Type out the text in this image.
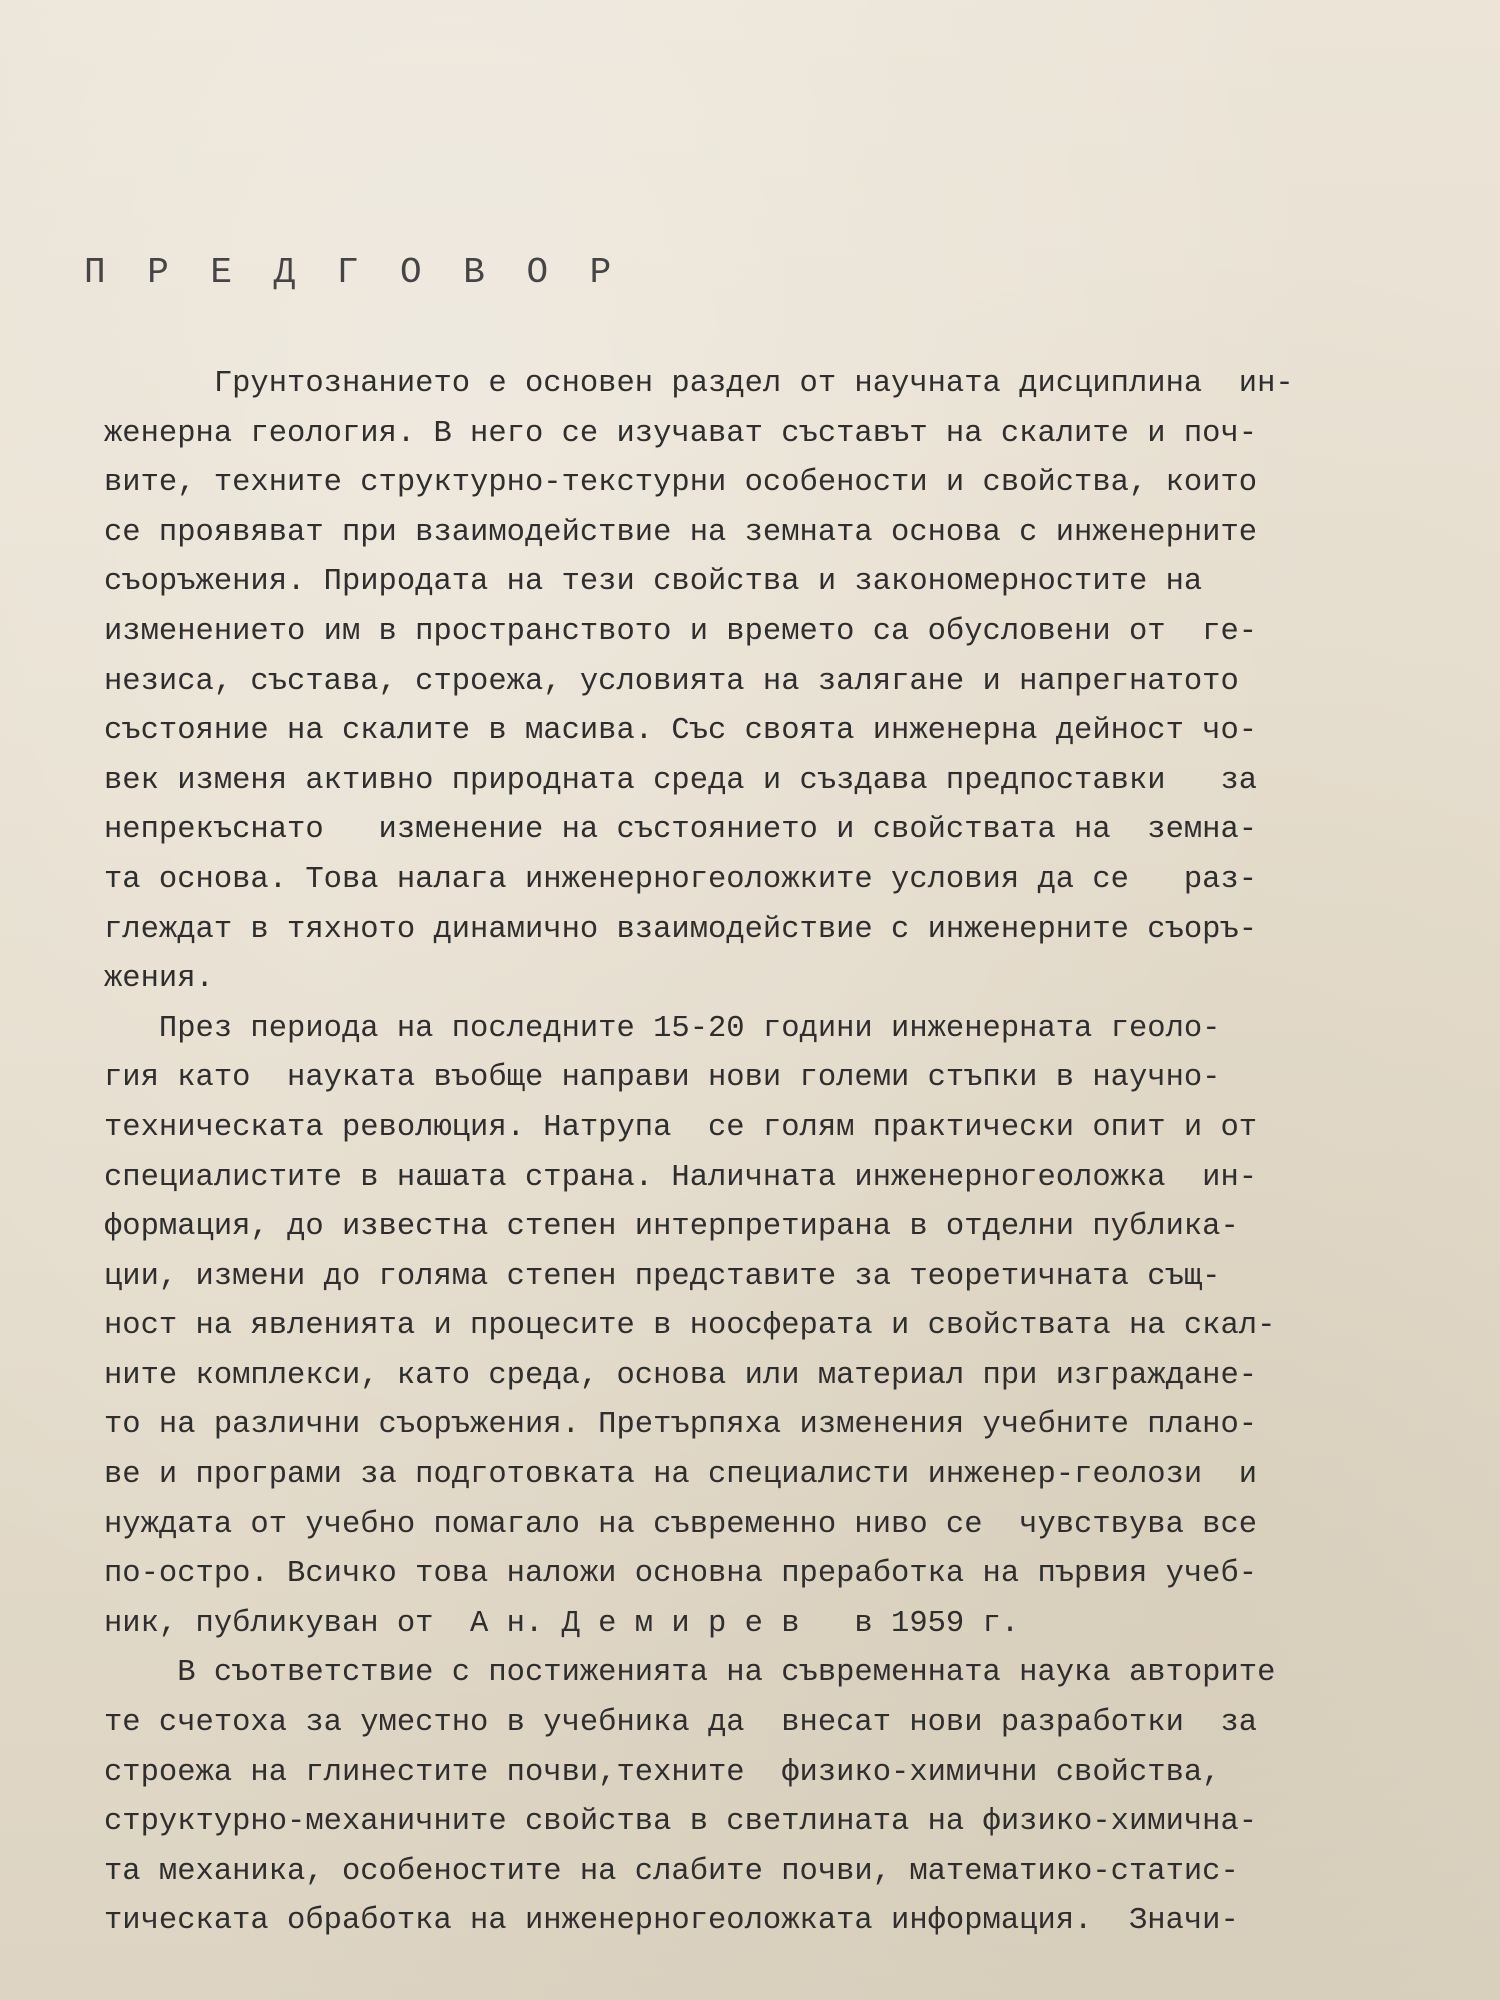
П Р Е Д Г О В О Р
Грунтознанието е основен раздел от научната дисциплина  ин-
женерна геология. В него се изучават съставът на скалите и поч-
вите, техните структурно-текстурни особености и свойства, които
се проявяват при взаимодействие на земната основа с инженерните
съоръжения. Природата на тези свойства и закономерностите на
изменението им в пространството и времето са обусловени от  ге-
незиса, състава, строежа, условията на залягане и напрегнатото
състояние на скалите в масива. Със своята инженерна дейност чо-
век изменя активно природната среда и създава предпоставки   за
непрекъснато   изменение на състоянието и свойствата на  земна-
та основа. Това налага инженерногеоложките условия да се   раз-
глеждат в тяхното динамично взаимодействие с инженерните съоръ-
жения.
През периода на последните 15-20 години инженерната геоло-
гия като  науката въобще направи нови големи стъпки в научно-
техническата революция. Натрупа  се голям практически опит и от
специалистите в нашата страна. Наличната инженерногеоложка  ин-
формация, до известна степен интерпретирана в отделни публика-
ции, измени до голяма степен представите за теоретичната същ-
ност на явленията и процесите в ноосферата и свойствата на скал-
ните комплекси, като среда, основа или материал при изграждане-
то на различни съоръжения. Претърпяха изменения учебните плано-
ве и програми за подготовката на специалисти инженер-геолози  и
нуждата от учебно помагало на съвременно ниво се  чувствува все
по-остро. Всичко това наложи основна преработка на първия учеб-
ник, публикуван от  А н. Д е м и р е в   в 1959 г.
В съответствие с постиженията на съвременната наука авторите
те счетоха за уместно в учебника да  внесат нови разработки  за
строежа на глинестите почви,техните  физико-химични свойства,
структурно-механичните свойства в светлината на физико-химична-
та механика, особеностите на слабите почви, математико-статис-
тическата обработка на инженерногеоложката информация.  Значи-
